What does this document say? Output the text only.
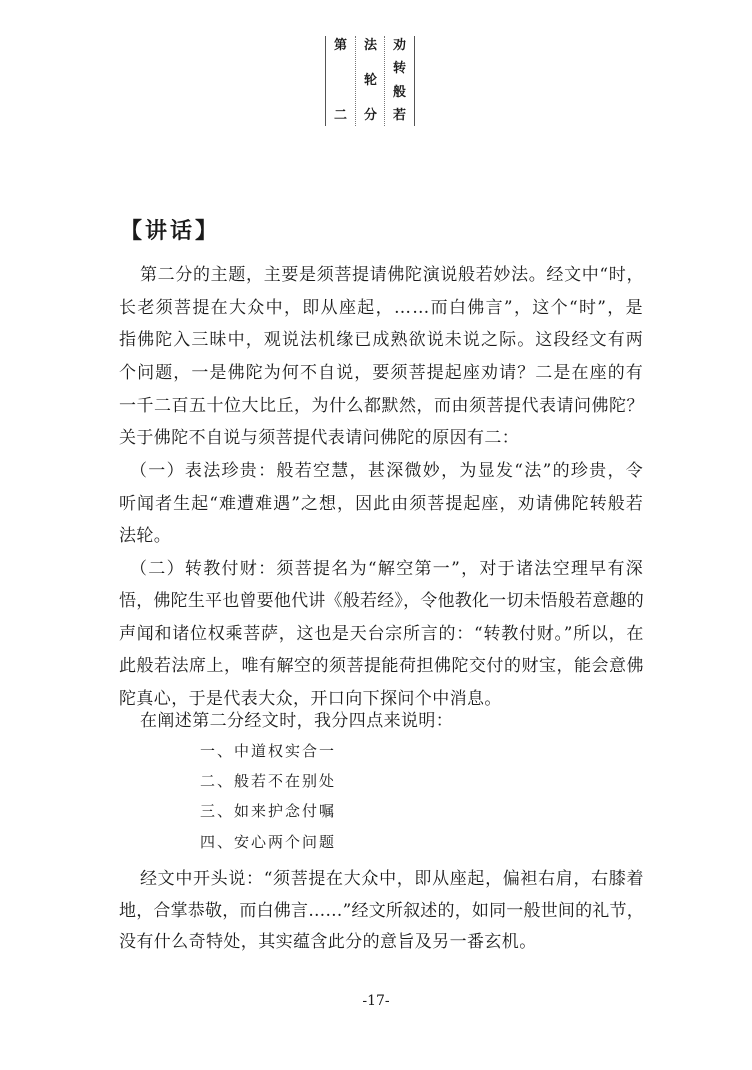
第
二
法
轮
分
劝
转
般
若
【讲话】
第二分的主题，主要是须菩提请佛陀演说般若妙法。经文中“时，
长老须菩提在大众中，即从座起，……而白佛言”，这个“时”，是
指佛陀入三昧中，观说法机缘已成熟欲说未说之际。这段经文有两
个问题，一是佛陀为何不自说，要须菩提起座劝请？二是在座的有
一千二百五十位大比丘，为什么都默然，而由须菩提代表请问佛陀？
关于佛陀不自说与须菩提代表请问佛陀的原因有二：
（一）表法珍贵：般若空慧，甚深微妙，为显发“法”的珍贵，令
听闻者生起“难遭难遇”之想，因此由须菩提起座，劝请佛陀转般若
法轮。
（二）转教付财：须菩提名为“解空第一”，对于诸法空理早有深
悟，佛陀生平也曾要他代讲《般若经》，令他教化一切未悟般若意趣的
声闻和诸位权乘菩萨，这也是天台宗所言的：“转教付财。”所以，在
此般若法席上，唯有解空的须菩提能荷担佛陀交付的财宝，能会意佛
陀真心，于是代表大众，开口向下探问个中消息。
在阐述第二分经文时，我分四点来说明：
一、中道权实合一
二、般若不在别处
三、如来护念付嘱
四、安心两个问题
经文中开头说：“须菩提在大众中，即从座起，偏袒右肩，右膝着
地，合掌恭敬，而白佛言……”经文所叙述的，如同一般世间的礼节，
没有什么奇特处，其实蕴含此分的意旨及另一番玄机。
-17-
